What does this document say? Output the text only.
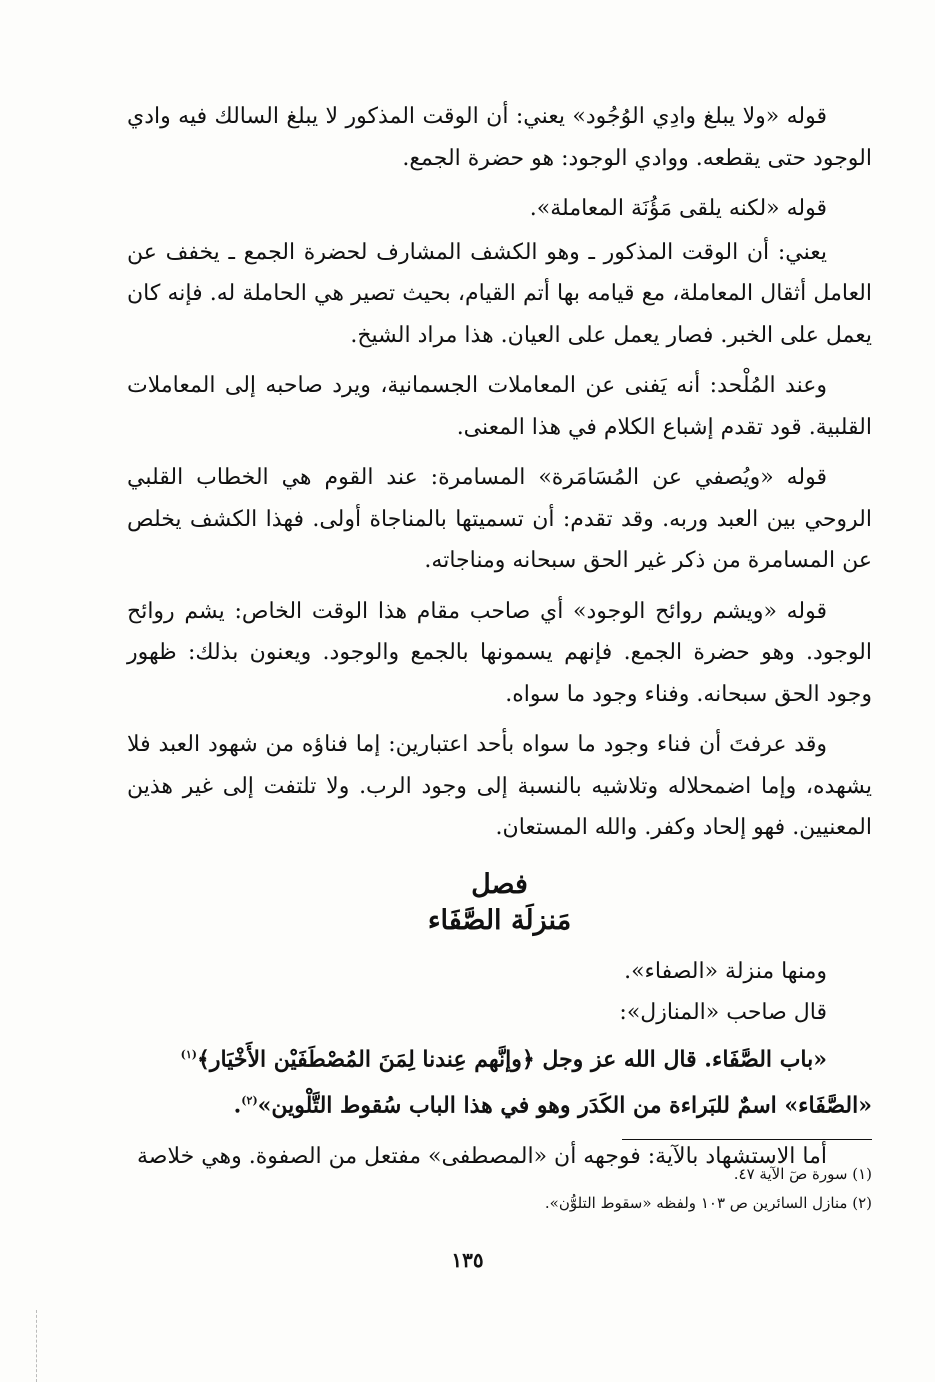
قوله «ولا يبلغ وادِي الوُجُود» يعني: أن الوقت المذكور لا يبلغ السالك فيه وادي الوجود حتى يقطعه. ووادي الوجود: هو حضرة الجمع.

قوله «لكنه يلقى مَؤُنَة المعاملة».

يعني: أن الوقت المذكور ـ وهو الكشف المشارف لحضرة الجمع ـ يخفف عن العامل أثقال المعاملة، مع قيامه بها أتم القيام، بحيث تصير هي الحاملة له. فإنه كان يعمل على الخبر. فصار يعمل على العيان. هذا مراد الشيخ.

وعند المُلْحد: أنه يَفنى عن المعاملات الجسمانية، ويرد صاحبه إلى المعاملات القلبية. قود تقدم إشباع الكلام في هذا المعنى.

قوله «ويُصفي عن المُسَامَرة» المسامرة: عند القوم هي الخطاب القلبي الروحي بين العبد وربه. وقد تقدم: أن تسميتها بالمناجاة أولى. فهذا الكشف يخلص عن المسامرة من ذكر غير الحق سبحانه ومناجاته.

قوله «ويشم روائح الوجود» أي صاحب مقام هذا الوقت الخاص: يشم روائح الوجود. وهو حضرة الجمع. فإنهم يسمونها بالجمع والوجود. ويعنون بذلك: ظهور وجود الحق سبحانه. وفناء وجود ما سواه.

وقد عرفتَ أن فناء وجود ما سواه بأحد اعتبارين: إما فناؤه من شهود العبد فلا يشهده، وإما اضمحلاله وتلاشيه بالنسبة إلى وجود الرب. ولا تلتفت إلى غير هذين المعنيين. فهو إلحاد وكفر. والله المستعان.

فصل
مَنزلَة الصَّفَاء

ومنها منزلة «الصفاء».

قال صاحب «المنازل»:

«باب الصَّفَاء. قال الله عز وجل ﴿وإنَّهم عِندنا لِمَنَ المُصْطَفَيْن الأَخْيَار﴾$^{(١)}$

«الصَّفَاء» اسمٌ للبَراءة من الكَدَر وهو في هذا الباب سُقوط التَّلْوين»$^{(٢)}$.

أما الاستشهاد بالآية: فوجهه أن «المصطفى» مفتعل من الصفوة. وهي خلاصة

(١) سورة صٓ الآية ٤٧.

(٢) منازل السائرين ص ١٠٣ ولفظه «سقوط التلوُّن».

١٣٥
